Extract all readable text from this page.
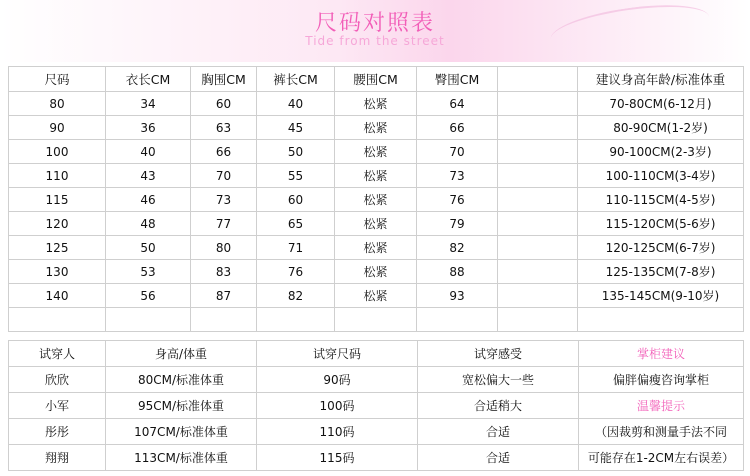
尺码对照表
Tide from the street
尺码	衣长CM	胸围CM	裤长CM	腰围CM	臀围CM		建议身高年龄/标准体重
80	34	60	40	松紧	64		70-80CM(6-12月)
90	36	63	45	松紧	66		80-90CM(1-2岁)
100	40	66	50	松紧	70		90-100CM(2-3岁)
110	43	70	55	松紧	73		100-110CM(3-4岁)
115	46	73	60	松紧	76		110-115CM(4-5岁)
120	48	77	65	松紧	79		115-120CM(5-6岁)
125	50	80	71	松紧	82		120-125CM(6-7岁)
130	53	83	76	松紧	88		125-135CM(7-8岁)
140	56	87	82	松紧	93		135-145CM(9-10岁)

试穿人	身高/体重	试穿尺码	试穿感受	掌柜建议
欣欣	80CM/标准体重	90码	宽松偏大一些	偏胖偏瘦咨询掌柜
小军	95CM/标准体重	100码	合适稍大	温馨提示
彤彤	107CM/标准体重	110码	合适	（因裁剪和测量手法不同
翔翔	113CM/标准体重	115码	合适	可能存在1-2CM左右误差）
